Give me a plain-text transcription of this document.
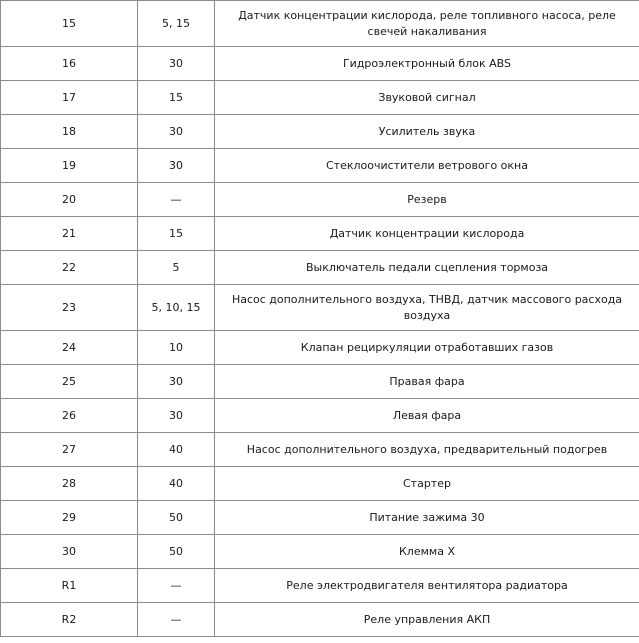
15	5, 15	Датчик концентрации кислорода, реле топливного насоса, реле свечей накаливания
16	30	Гидроэлектронный блок ABS
17	15	Звуковой сигнал
18	30	Усилитель звука
19	30	Стеклоочистители ветрового окна
20	—	Резерв
21	15	Датчик концентрации кислорода
22	5	Выключатель педали сцепления тормоза
23	5, 10, 15	Насос дополнительного воздуха, ТНВД, датчик массового расхода воздуха
24	10	Клапан рециркуляции отработавших газов
25	30	Правая фара
26	30	Левая фара
27	40	Насос дополнительного воздуха, предварительный подогрев
28	40	Стартер
29	50	Питание зажима 30
30	50	Клемма X
R1	—	Реле электродвигателя вентилятора радиатора
R2	—	Реле управления АКП
